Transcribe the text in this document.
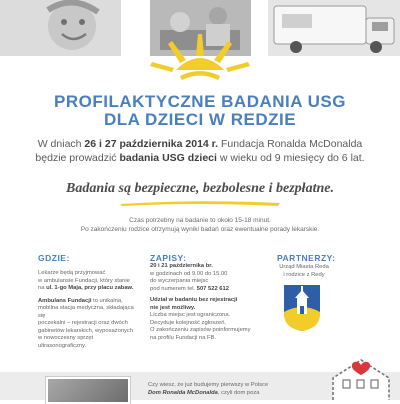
PROFILAKTYCZNE BADANIA USG
DLA DZIECI W REDZIE
W dniach 26 i 27 października 2014 r. Fundacja Ronalda McDonalda
będzie prowadzić badania USG dzieci w wieku od 9 miesięcy do 6 lat.
Badania są bezpieczne, bezbolesne i bezpłatne.
Czas potrzebny na badanie to około 15-18 minut.
Po zakończeniu rodzice otrzymują wyniki badań oraz ewentualne porady lekarskie.
GDZIE:
Lekarze będą przyjmować
w ambulansie Fundacji, który stanie
na ul. 1-go Maja, przy placu zabaw.
Ambulans Fundacji to unikalna,
mobilna stacja medyczna, składająca się
poczekalni – rejestracji oraz dwóch
gabinetów lekarskich, wyposażonych
w nowoczesny sprzęt ultrasonograficzny.
ZAPISY:
20 i 21 października br.
w godzinach od 9.00 do 15.00
do wyczerpania miejsc
pod numerem tel. 507 522 612
Udział w badaniu bez rejestracji
nie jest możliwy.
Liczba miejsc jest ograniczona.
Decyduje kolejność zgłoszeń.
O zakończeniu zapisów poinformujemy
na profilu Fundacji na FB.
PARTNERZY:
Urząd Miasta Reda
i rodzice z Redy
Czy wiesz, że już budujemy pierwszy w Polsce
Dom Ronalda McDonalda, czyli dom poza
